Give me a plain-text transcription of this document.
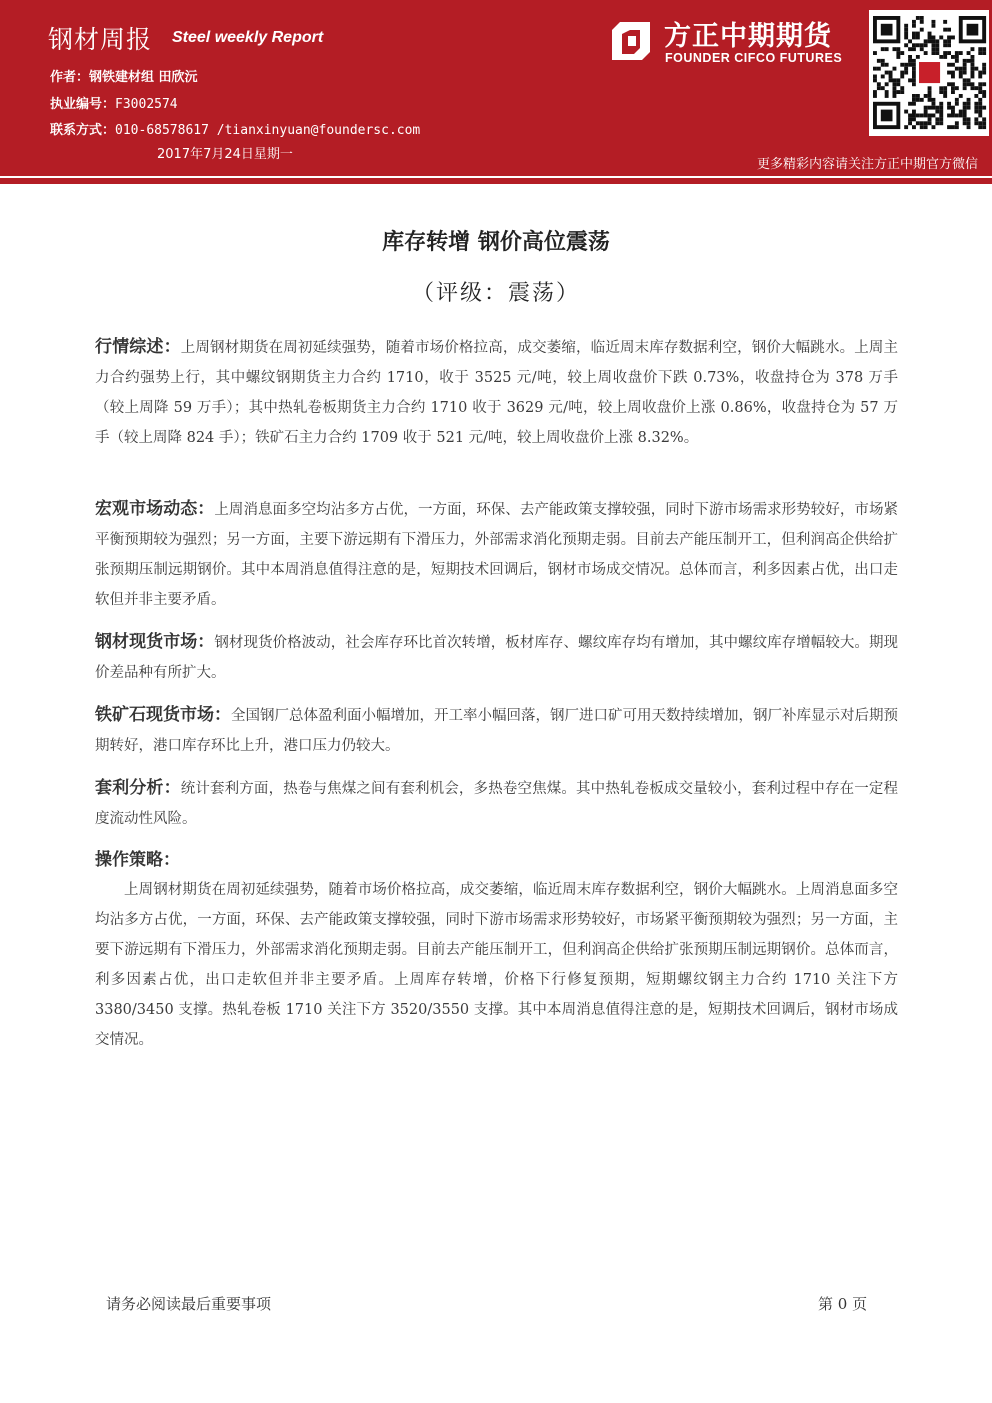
钢材周报 Steel weekly Report
作者：钢铁建材组 田欣沅
执业编号：F3002574
联系方式：010-68578617 /tianxinyuan@foundersc.com
2017年7月24日星期一
方正中期期货
FOUNDER CIFCO FUTURES
更多精彩内容请关注方正中期官方微信
库存转增 钢价高位震荡
（评级：震荡）

行情综述：上周钢材期货在周初延续强势，随着市场价格拉高，成交萎缩，临近周末库存数据利空，钢价大幅跳水。上周主力合约强势上行，其中螺纹钢期货主力合约 1710，收于 3525 元/吨，较上周收盘价下跌 0.73%，收盘持仓为 378 万手（较上周降 59 万手）；其中热轧卷板期货主力合约 1710 收于 3629 元/吨，较上周收盘价上涨 0.86%，收盘持仓为 57 万手（较上周降 824 手）；铁矿石主力合约 1709 收于 521 元/吨，较上周收盘价上涨 8.32%。

宏观市场动态：上周消息面多空均沾多方占优，一方面，环保、去产能政策支撑较强，同时下游市场需求形势较好，市场紧平衡预期较为强烈；另一方面，主要下游远期有下滑压力，外部需求消化预期走弱。目前去产能压制开工，但利润高企供给扩张预期压制远期钢价。其中本周消息值得注意的是，短期技术回调后，钢材市场成交情况。总体而言，利多因素占优，出口走软但并非主要矛盾。

钢材现货市场：钢材现货价格波动，社会库存环比首次转增，板材库存、螺纹库存均有增加，其中螺纹库存增幅较大。期现价差品种有所扩大。

铁矿石现货市场：全国钢厂总体盈利面小幅增加，开工率小幅回落，钢厂进口矿可用天数持续增加，钢厂补库显示对后期预期转好，港口库存环比上升，港口压力仍较大。

套利分析：统计套利方面，热卷与焦煤之间有套利机会，多热卷空焦煤。其中热轧卷板成交量较小，套利过程中存在一定程度流动性风险。

操作策略：

上周钢材期货在周初延续强势，随着市场价格拉高，成交萎缩，临近周末库存数据利空，钢价大幅跳水。上周消息面多空均沾多方占优，一方面，环保、去产能政策支撑较强，同时下游市场需求形势较好，市场紧平衡预期较为强烈；另一方面，主要下游远期有下滑压力，外部需求消化预期走弱。目前去产能压制开工，但利润高企供给扩张预期压制远期钢价。总体而言，利多因素占优，出口走软但并非主要矛盾。上周库存转增，价格下行修复预期，短期螺纹钢主力合约 1710 关注下方 3380/3450 支撑。热轧卷板 1710 关注下方 3520/3550 支撑。其中本周消息值得注意的是，短期技术回调后，钢材市场成交情况。

请务必阅读最后重要事项	第 0 页
